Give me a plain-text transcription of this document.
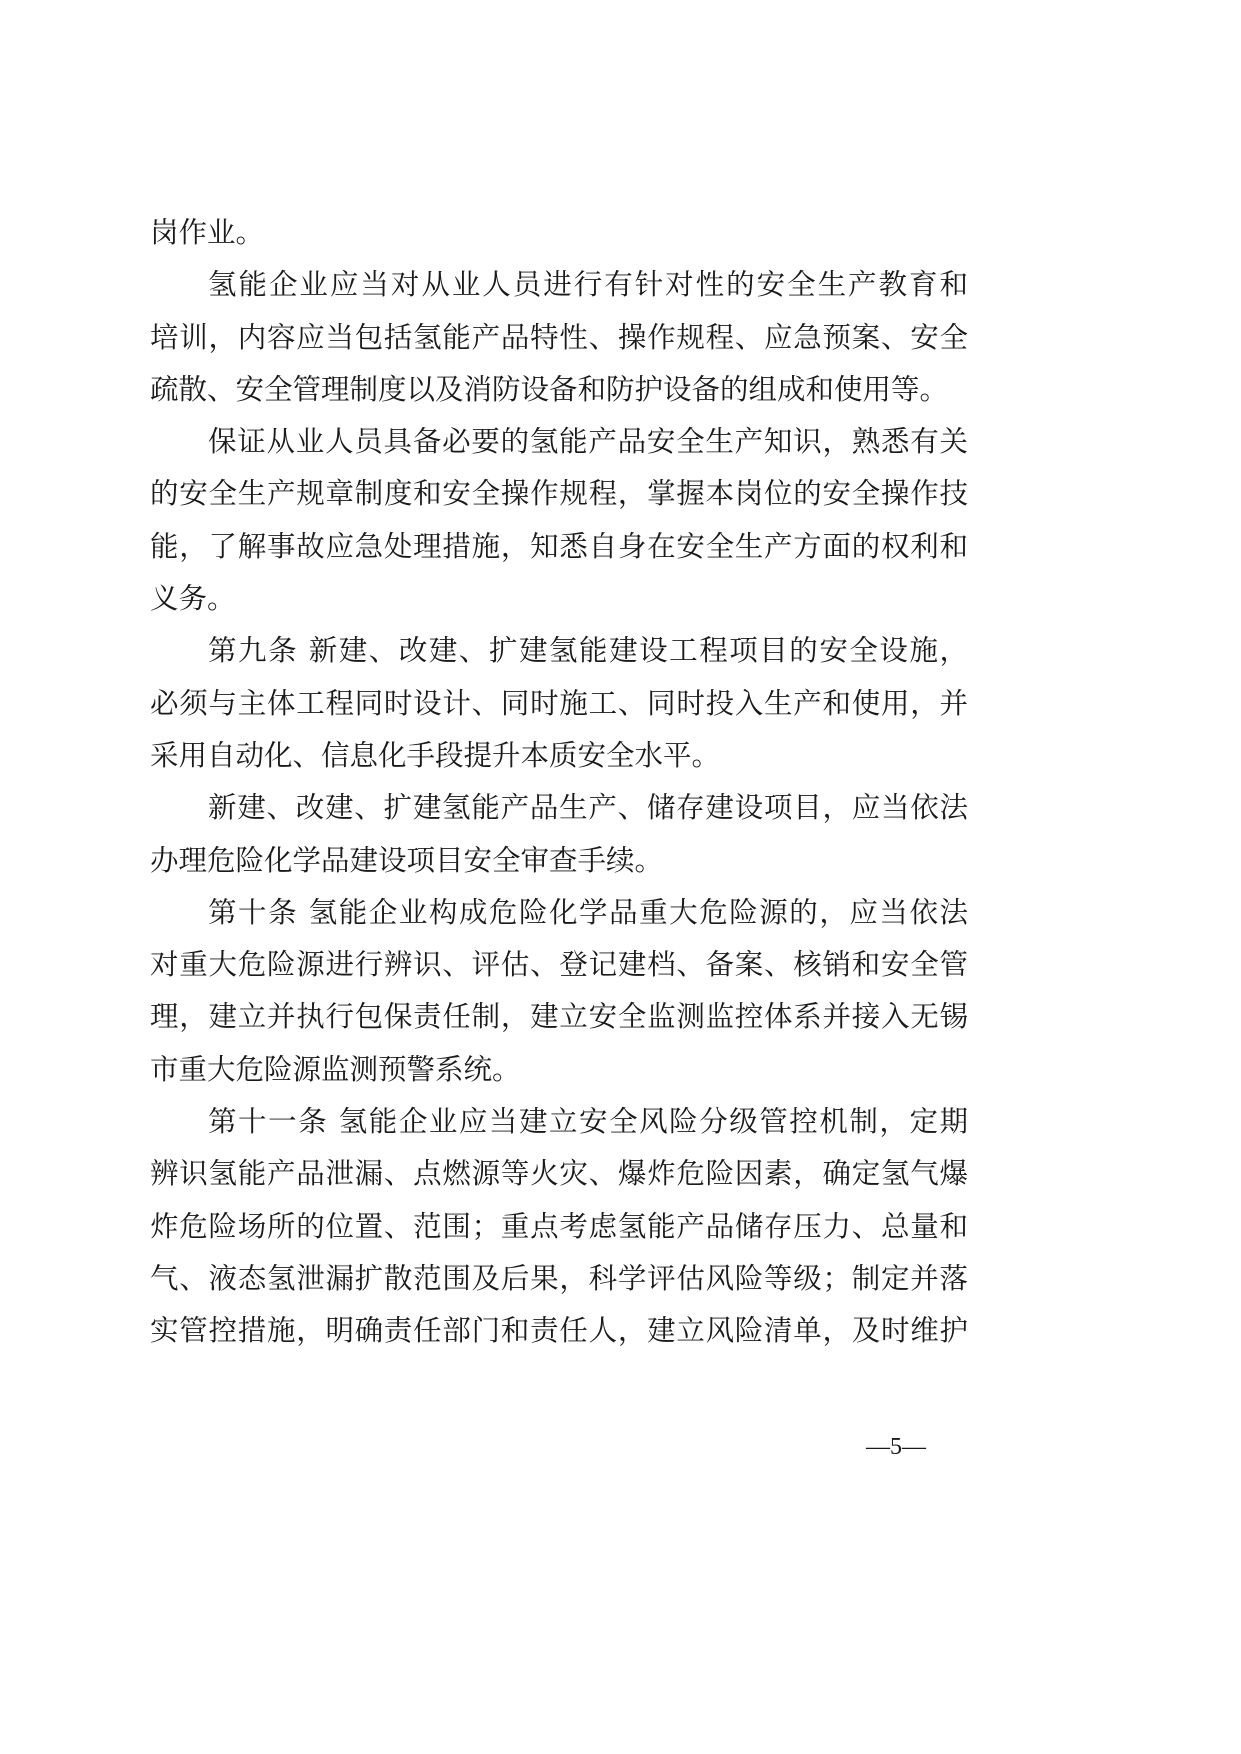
岗作业。
氢能企业应当对从业人员进行有针对性的安全生产教育和
培训，内容应当包括氢能产品特性、操作规程、应急预案、安全
疏散、安全管理制度以及消防设备和防护设备的组成和使用等。
保证从业人员具备必要的氢能产品安全生产知识，熟悉有关
的安全生产规章制度和安全操作规程，掌握本岗位的安全操作技
能，了解事故应急处理措施，知悉自身在安全生产方面的权利和
义务。
第九条 新建、改建、扩建氢能建设工程项目的安全设施，
必须与主体工程同时设计、同时施工、同时投入生产和使用，并
采用自动化、信息化手段提升本质安全水平。
新建、改建、扩建氢能产品生产、储存建设项目，应当依法
办理危险化学品建设项目安全审查手续。
第十条 氢能企业构成危险化学品重大危险源的，应当依法
对重大危险源进行辨识、评估、登记建档、备案、核销和安全管
理，建立并执行包保责任制，建立安全监测监控体系并接入无锡
市重大危险源监测预警系统。
第十一条 氢能企业应当建立安全风险分级管控机制，定期
辨识氢能产品泄漏、点燃源等火灾、爆炸危险因素，确定氢气爆
炸危险场所的位置、范围；重点考虑氢能产品储存压力、总量和
气、液态氢泄漏扩散范围及后果，科学评估风险等级；制定并落
实管控措施，明确责任部门和责任人，建立风险清单，及时维护
—5—
